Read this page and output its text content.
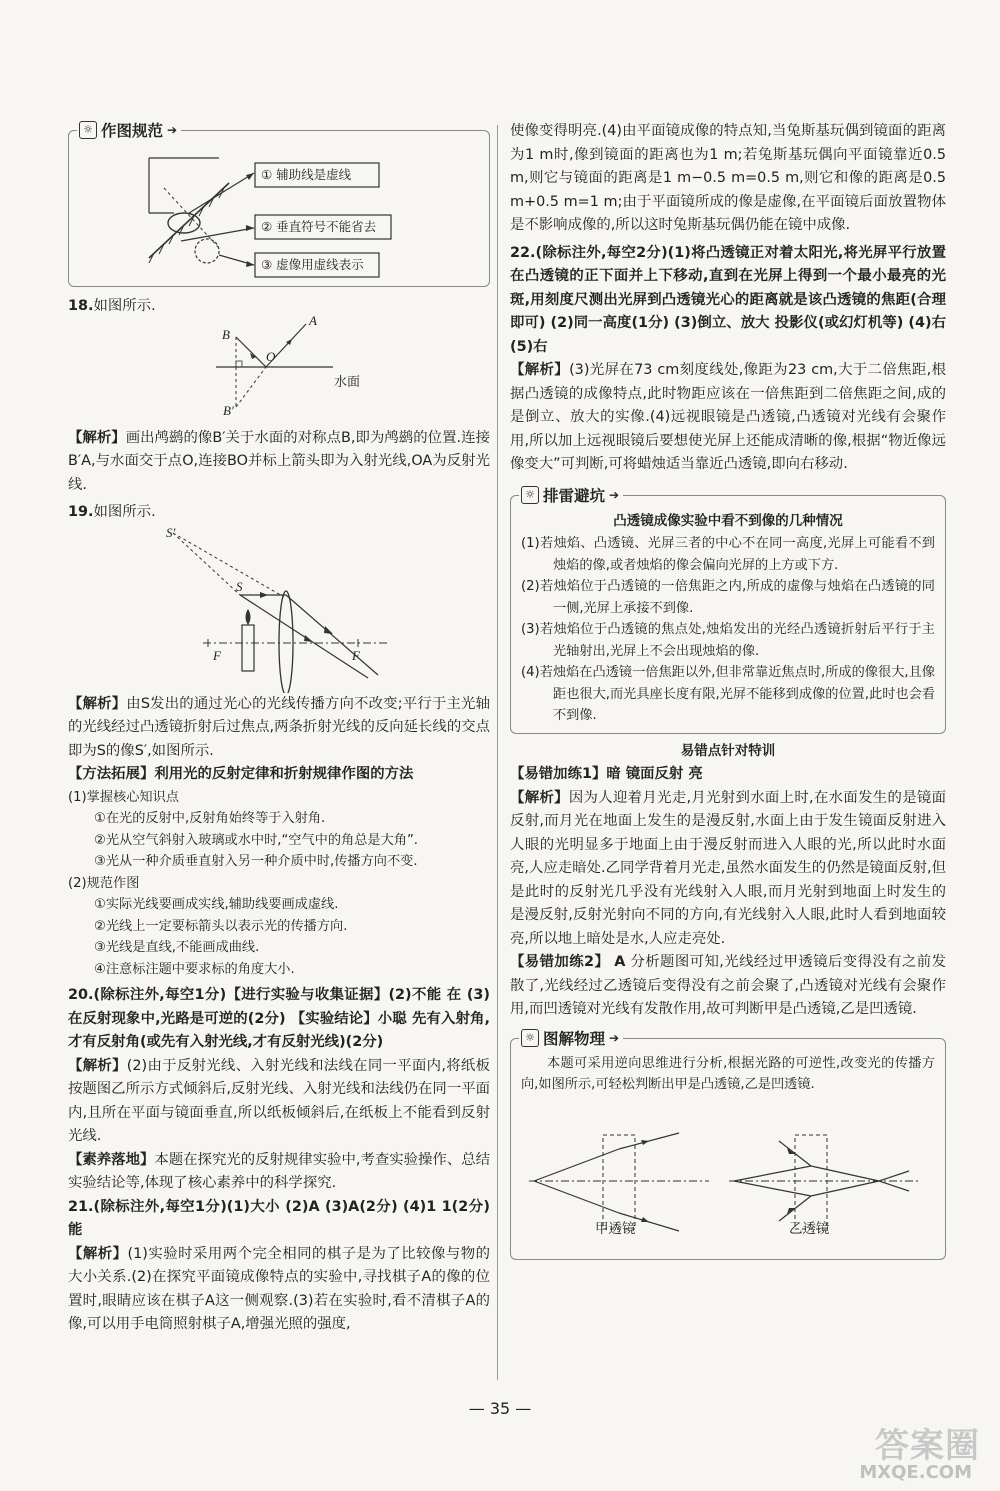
☼ 作图规范 ➔
① 辅助线是虚线
② 垂直符号不能省去
③ 虚像用虚线表示

18.如图所示.

B
A
O
B′
水面

【解析】画出鸬鹚的像B′关于水面的对称点B,即为鸬鹚的位置.连接B′A,与水面交于点O,连接BO并标上箭头即为入射光线,OA为反射光线.

19.如图所示.

S′
S
F	F

【解析】由S发出的通过光心的光线传播方向不改变;平行于主光轴的光线经过凸透镜折射后过焦点,两条折射光线的反向延长线的交点即为S的像S′,如图所示.

【方法拓展】利用光的反射定律和折射规律作图的方法

(1)掌握核心知识点

①在光的反射中,反射角始终等于入射角.

②光从空气斜射入玻璃或水中时,“空气中的角总是大角”.

③光从一种介质垂直射入另一种介质中时,传播方向不变.

(2)规范作图

①实际光线要画成实线,辅助线要画成虚线.

②光线上一定要标箭头以表示光的传播方向.

③光线是直线,不能画成曲线.

④注意标注题中要求标的角度大小.

20.(除标注外,每空1分)【进行实验与收集证据】(2)不能 在 (3)在反射现象中,光路是可逆的(2分) 【实验结论】小聪 先有入射角,才有反射角(或先有入射光线,才有反射光线)(2分)

【解析】(2)由于反射光线、入射光线和法线在同一平面内,将纸板按题图乙所示方式倾斜后,反射光线、入射光线和法线仍在同一平面内,且所在平面与镜面垂直,所以纸板倾斜后,在纸板上不能看到反射光线.

【素养落地】本题在探究光的反射规律实验中,考查实验操作、总结实验结论等,体现了核心素养中的科学探究.

21.(除标注外,每空1分)(1)大小 (2)A (3)A(2分) (4)1 1(2分) 能

【解析】(1)实验时采用两个完全相同的棋子是为了比较像与物的大小关系.(2)在探究平面镜成像特点的实验中,寻找棋子A的像的位置时,眼睛应该在棋子A这一侧观察.(3)若在实验时,看不清棋子A的像,可以用手电筒照射棋子A,增强光照的强度,

使像变得明亮.(4)由平面镜成像的特点知,当兔斯基玩偶到镜面的距离为1 m时,像到镜面的距离也为1 m;若兔斯基玩偶向平面镜靠近0.5 m,则它与镜面的距离是1 m−0.5 m=0.5 m,则它和像的距离是0.5 m+0.5 m=1 m;由于平面镜所成的像是虚像,在平面镜后面放置物体是不影响成像的,所以这时兔斯基玩偶仍能在镜中成像.

22.(除标注外,每空2分)(1)将凸透镜正对着太阳光,将光屏平行放置在凸透镜的正下面并上下移动,直到在光屏上得到一个最小最亮的光斑,用刻度尺测出光屏到凸透镜光心的距离就是该凸透镜的焦距(合理即可) (2)同一高度(1分) (3)倒立、放大 投影仪(或幻灯机等) (4)右 (5)右

【解析】(3)光屏在73 cm刻度线处,像距为23 cm,大于二倍焦距,根据凸透镜的成像特点,此时物距应该在一倍焦距到二倍焦距之间,成的是倒立、放大的实像.(4)远视眼镜是凸透镜,凸透镜对光线有会聚作用,所以加上远视眼镜后要想使光屏上还能成清晰的像,根据“物近像远像变大”可判断,可将蜡烛适当靠近凸透镜,即向右移动.

☼ 排雷避坑 ➔

凸透镜成像实验中看不到像的几种情况

(1)若烛焰、凸透镜、光屏三者的中心不在同一高度,光屏上可能看不到烛焰的像,或者烛焰的像会偏向光屏的上方或下方.

(2)若烛焰位于凸透镜的一倍焦距之内,所成的虚像与烛焰在凸透镜的同一侧,光屏上承接不到像.

(3)若烛焰位于凸透镜的焦点处,烛焰发出的光经凸透镜折射后平行于主光轴射出,光屏上不会出现烛焰的像.

(4)若烛焰在凸透镜一倍焦距以外,但非常靠近焦点时,所成的像很大,且像距也很大,而光具座长度有限,光屏不能移到成像的位置,此时也会看不到像.

易错点针对特训

【易错加练1】暗 镜面反射 亮

【解析】因为人迎着月光走,月光射到水面上时,在水面发生的是镜面反射,而月光在地面上发生的是漫反射,水面上由于发生镜面反射进入人眼的光明显多于地面上由于漫反射而进入人眼的光,所以此时水面亮,人应走暗处.乙同学背着月光走,虽然水面发生的仍然是镜面反射,但是此时的反射光几乎没有光线射入人眼,而月光射到地面上时发生的是漫反射,反射光射向不同的方向,有光线射入人眼,此时人看到地面较亮,所以地上暗处是水,人应走亮处.

【易错加练2】 A 分析题图可知,光线经过甲透镜后变得没有之前发散了,光线经过乙透镜后变得没有之前会聚了,凸透镜对光线有会聚作用,而凹透镜对光线有发散作用,故可判断甲是凸透镜,乙是凹透镜.

☼ 图解物理 ➔

本题可采用逆向思维进行分析,根据光路的可逆性,改变光的传播方向,如图所示,可轻松判断出甲是凸透镜,乙是凹透镜.

甲透镜	乙透镜
— 35 —
答案圈
MXQE.COM
